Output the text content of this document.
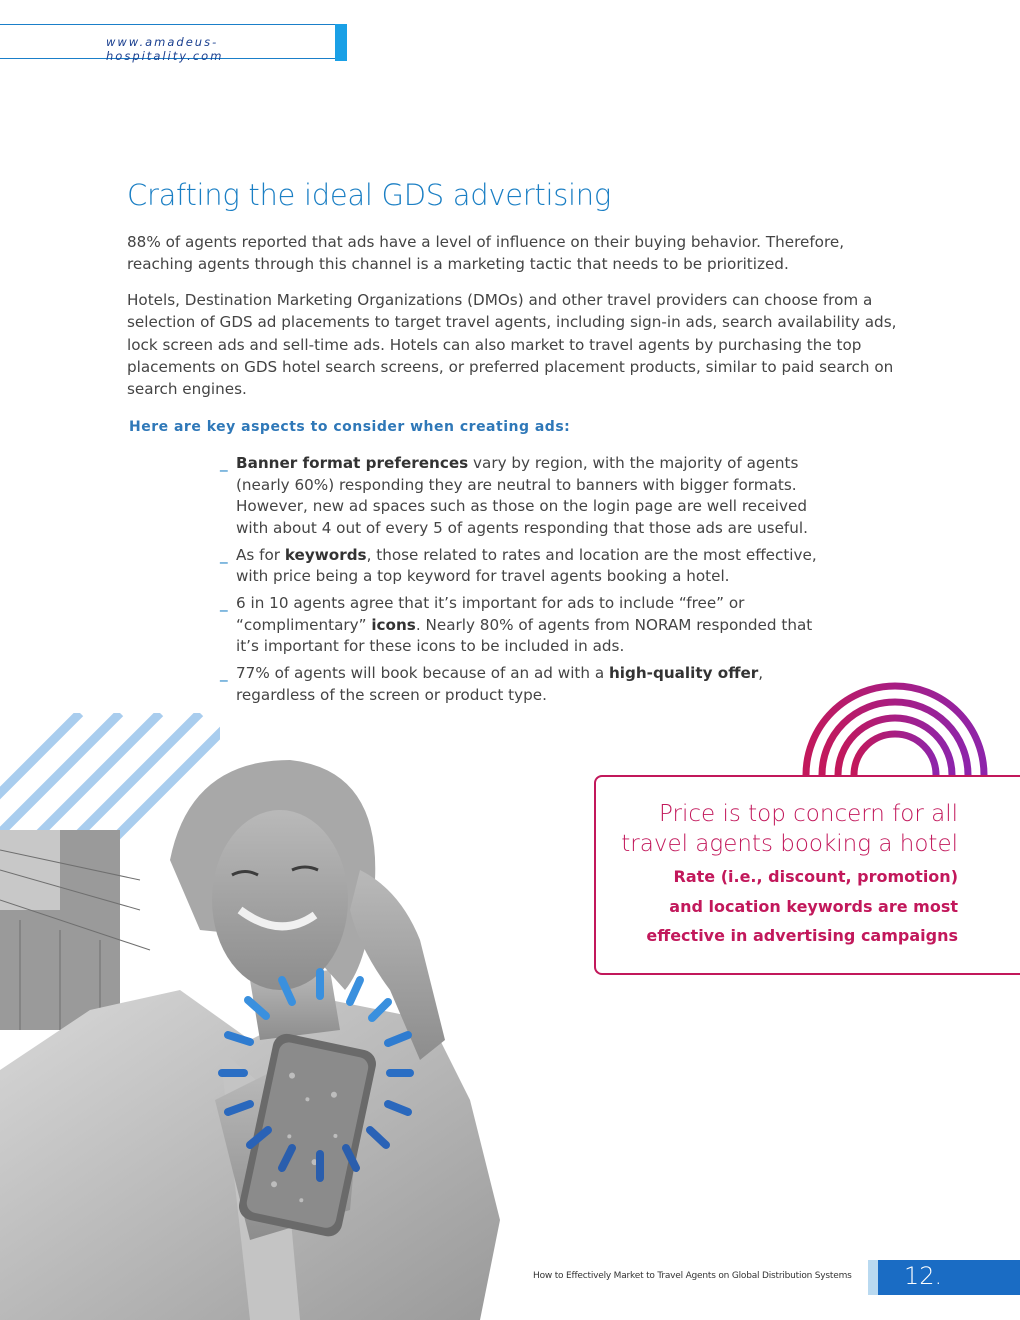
www.amadeus-hospitality.com
Crafting the ideal GDS advertising

88% of agents reported that ads have a level of influence on their buying behavior. Therefore, reaching agents through this channel is a marketing tactic that needs to be prioritized.

Hotels, Destination Marketing Organizations (DMOs) and other travel providers can choose from a selection of GDS ad placements to target travel agents, including sign-in ads, search availability ads, lock screen ads and sell-time ads. Hotels can also market to travel agents by purchasing the top placements on GDS hotel search screens, or preferred placement products, similar to paid search on search engines.

Here are key aspects to consider when creating ads:

_ Banner format preferences vary by region, with the majority of agents (nearly 60%) responding they are neutral to banners with bigger formats. However, new ad spaces such as those on the login page are well received with about 4 out of every 5 of agents responding that those ads are useful.
_ As for keywords, those related to rates and location are the most effective, with price being a top keyword for travel agents booking a hotel.
_ 6 in 10 agents agree that it’s important for ads to include “free” or “complimentary” icons. Nearly 80% of agents from NORAM responded that it’s important for these icons to be included in ads.
_ 77% of agents will book because of an ad with a high-quality offer, regardless of the screen or product type.

Price is top concern for all
travel agents booking a hotel

Rate (i.e., discount, promotion)
and location keywords are most
effective in advertising campaigns

How to Effectively Market to Travel Agents on Global Distribution Systems 12.
